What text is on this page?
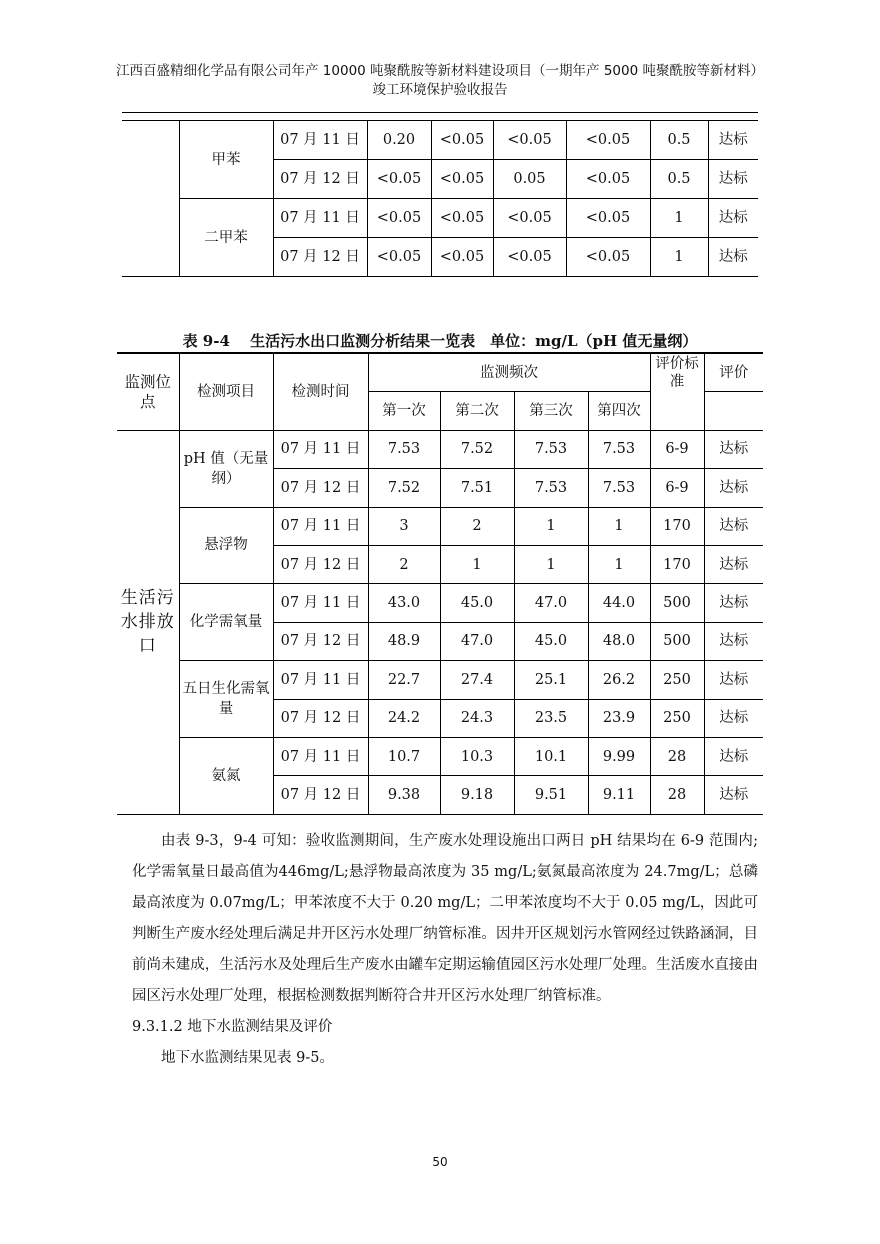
江西百盛精细化学品有限公司年产 10000 吨聚酰胺等新材料建设项目（一期年产 5000 吨聚酰胺等新材料）
竣工环境保护验收报告
	甲苯	07 月 11 日	0.20	<0.05	<0.05	<0.05	0.5	达标
		07 月 12 日	<0.05	<0.05	0.05	<0.05	0.5	达标
	二甲苯	07 月 11 日	<0.05	<0.05	<0.05	<0.05	1	达标
		07 月 12 日	<0.05	<0.05	<0.05	<0.05	1	达标
表 9-4　 生活污水出口监测分析结果一览表　单位：mg/L（pH 值无量纲）
监测位点	检测项目	检测时间	监测频次				评价标准	评价
			第一次	第二次	第三次	第四次		
生活污水排放口	pH 值（无量纲）	07 月 11 日	7.53	7.52	7.53	7.53	6-9	达标
		07 月 12 日	7.52	7.51	7.53	7.53	6-9	达标
	悬浮物	07 月 11 日	3	2	1	1	170	达标
		07 月 12 日	2	1	1	1	170	达标
	化学需氧量	07 月 11 日	43.0	45.0	47.0	44.0	500	达标
		07 月 12 日	48.9	47.0	45.0	48.0	500	达标
	五日生化需氧量	07 月 11 日	22.7	27.4	25.1	26.2	250	达标
		07 月 12 日	24.2	24.3	23.5	23.9	250	达标
	氨氮	07 月 11 日	10.7	10.3	10.1	9.99	28	达标
		07 月 12 日	9.38	9.18	9.51	9.11	28	达标

由表 9-3，9-4 可知：验收监测期间，生产废水处理设施出口两日 pH 结果均在 6-9 范围内;化学需氧量日最高值为446mg/L;悬浮物最高浓度为 35 mg/L;氨氮最高浓度为 24.7mg/L；总磷最高浓度为 0.07mg/L；甲苯浓度不大于 0.20 mg/L；二甲苯浓度均不大于 0.05 mg/L，因此可判断生产废水经处理后满足井开区污水处理厂纳管标准。因井开区规划污水管网经过铁路涵洞，目前尚未建成，生活污水及处理后生产废水由罐车定期运输值园区污水处理厂处理。生活废水直接由园区污水处理厂处理，根据检测数据判断符合井开区污水处理厂纳管标准。

9.3.1.2 地下水监测结果及评价

地下水监测结果见表 9-5。

50
